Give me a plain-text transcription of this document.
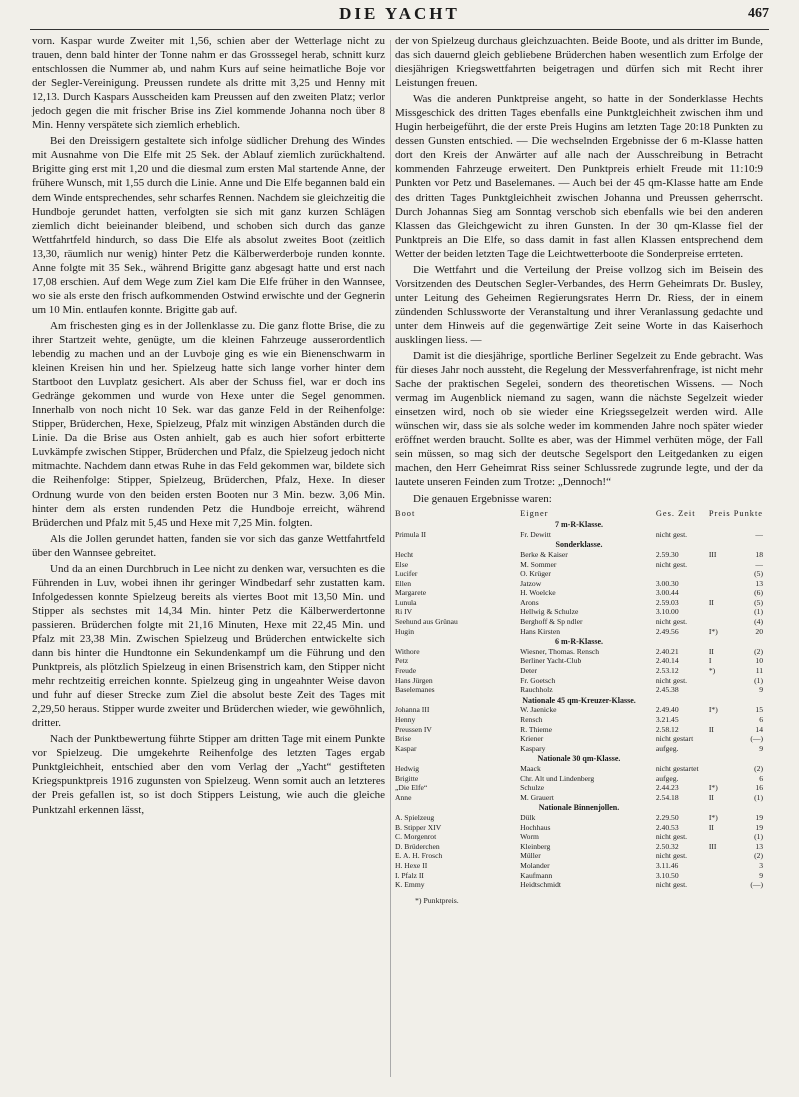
DIE YACHT	467

vorn. Kaspar wurde Zweiter mit 1,56, schien aber der Wetterlage nicht zu trauen, denn bald hinter der Tonne nahm er das Grosssegel herab, schnitt kurz entschlossen die Nummer ab, und nahm Kurs auf seine heimatliche Boje vor der Segler-Vereinigung. Preussen rundete als dritte mit 3,25 und Henny mit 12,13. Durch Kaspars Ausscheiden kam Preussen auf den zweiten Platz; verlor jedoch gegen die mit frischer Brise ins Ziel kommende Johanna noch über 8 Min. Henny verspätete sich ziemlich erheblich.

Bei den Dreissigern gestaltete sich infolge südlicher Drehung des Windes mit Ausnahme von Die Elfe mit 25 Sek. der Ablauf ziemlich zurückhaltend. Brigitte ging erst mit 1,20 und die diesmal zum ersten Mal startende Anne, der frühere Wunsch, mit 1,55 durch die Linie. Anne und Die Elfe begannen bald ein dem Winde entsprechendes, sehr scharfes Rennen. Nachdem sie gleichzeitig die Hundboje gerundet hatten, verfolgten sie sich mit ganz kurzen Schlägen ziemlich dicht beieinander bleibend, und schoben sich durch das ganze Wettfahrtfeld hindurch, so dass Die Elfe als absolut zweites Boot (zeitlich 13,30, räumlich nur wenig) hinter Petz die Kälberwerderboje runden konnte. Anne folgte mit 35 Sek., während Brigitte ganz abgesagt hatte und erst nach 17,08 erschien. Auf dem Wege zum Ziel kam Die Elfe früher in den Wannsee, wo sie als erste den frisch aufkommenden Ostwind erwischte und der Gegnerin um 10 Min. entlaufen konnte. Brigitte gab auf.

Am frischesten ging es in der Jollenklasse zu. Die ganz flotte Brise, die zu ihrer Startzeit wehte, genügte, um die kleinen Fahrzeuge ausserordentlich lebendig zu machen und an der Luvboje ging es wie ein Bienenschwarm in kleinen Kreisen hin und her. Spielzeug hatte sich lange vorher hinter dem Startboot den Luvplatz gesichert. Als aber der Schuss fiel, war er doch ins Gedränge gekommen und wurde von Hexe unter die Segel genommen. Innerhalb von noch nicht 10 Sek. war das ganze Feld in der Reihenfolge: Stipper, Brüderchen, Hexe, Spielzeug, Pfalz mit winzigen Abständen durch die Linie. Da die Brise aus Osten anhielt, gab es auch hier sofort erbitterte Luvkämpfe zwischen Stipper, Brüderchen und Pfalz, die Spielzeug jedoch nicht mitmachte. Nachdem dann etwas Ruhe in das Feld gekommen war, bildete sich die Reihenfolge: Stipper, Spielzeug, Brüderchen, Pfalz, Hexe. In dieser Ordnung wurde von den beiden ersten Booten nur 3 Min. bezw. 3,06 Min. hinter dem als ersten rundenden Petz die Hundboje erreicht, während Brüderchen und Pfalz mit 5,45 und Hexe mit 7,25 Min. folgten.

Als die Jollen gerundet hatten, fanden sie vor sich das ganze Wettfahrtfeld über den Wannsee gebreitet.

Und da an einen Durchbruch in Lee nicht zu denken war, versuchten es die Führenden in Luv, wobei ihnen ihr geringer Windbedarf sehr zustatten kam. Infolgedessen konnte Spielzeug bereits als viertes Boot mit 13,50 Min. und Stipper als sechstes mit 14,34 Min. hinter Petz die Kälberwerdertonne passieren. Brüderchen folgte mit 21,16 Minuten, Hexe mit 22,45 Min. und Pfalz mit 23,38 Min. Zwischen Spielzeug und Brüderchen entwickelte sich dann bis hinter die Hundtonne ein Sekundenkampf um die Führung und den Punktpreis, als plötzlich Spielzeug in einen Brisenstrich kam, den Stipper nicht mehr rechtzeitig erreichen konnte. Spielzeug ging in ungeahnter Weise davon und fuhr auf dieser Strecke zum Ziel die absolut beste Zeit des Tages mit 2,29,50 heraus. Stipper wurde zweiter und Brüderchen wieder, wie gewöhnlich, dritter.

Nach der Punktbewertung führte Stipper am dritten Tage mit einem Punkte vor Spielzeug. Die umgekehrte Reihenfolge des letzten Tages ergab Punktgleichheit, entschied aber den vom Verlag der „Yacht“ gestifteten Kriegspunktpreis 1916 zugunsten von Spielzeug. Wenn somit auch an letzteres der Preis gefallen ist, so ist doch Stippers Leistung, wie auch die gleiche Punktzahl erkennen lässt,

der von Spielzeug durchaus gleichzuachten. Beide Boote, und als dritter im Bunde, das sich dauernd gleich gebliebene Brüderchen haben wesentlich zum Erfolge der diesjährigen Kriegswettfahrten beigetragen und dürfen sich mit Recht ihrer Leistungen freuen.

Was die anderen Punktpreise angeht, so hatte in der Sonderklasse Hechts Missgeschick des dritten Tages ebenfalls eine Punktgleichheit zwischen ihm und Hugin herbeigeführt, die der erste Preis Hugins am letzten Tage 20:18 Punkten zu dessen Gunsten entschied. — Die wechselnden Ergebnisse der 6 m-Klasse hatten dort den Kreis der Anwärter auf alle nach der Ausschreibung in Betracht kommenden Fahrzeuge erweitert. Den Punktpreis erhielt Freude mit 11:10:9 Punkten vor Petz und Baselemanes. — Auch bei der 45 qm-Klasse hatte am Ende des dritten Tages Punktgleichheit zwischen Johanna und Preussen geherrscht. Durch Johannas Sieg am Sonntag verschob sich ebenfalls wie bei den anderen Klassen das Gleichgewicht zu ihren Gunsten. In der 30 qm-Klasse fiel der Punktpreis an Die Elfe, so dass damit in fast allen Klassen entsprechend dem Wetter der beiden letzten Tage die Leichtwetterboote die Sonderpreise errteten.

Die Wettfahrt und die Verteilung der Preise vollzog sich im Beisein des Vorsitzenden des Deutschen Segler-Verbandes, des Herrn Geheimrats Dr. Busley, unter Leitung des Geheimen Regierungsrates Herrn Dr. Riess, der in einem zündenden Schlussworte der Veranstaltung und ihrer Veranlassung gedachte und unter dem Hinweis auf die gegenwärtige Zeit seine Worte in das Kaiserhoch ausklingen liess. —

Damit ist die diesjährige, sportliche Berliner Segelzeit zu Ende gebracht. Was für dieses Jahr noch aussteht, die Regelung der Messverfahrenfrage, ist nicht mehr Sache der praktischen Segelei, sondern des theoretischen Wissens. — Noch vermag im Augenblick niemand zu sagen, wann die nächste Segelzeit wieder einsetzen wird, noch ob sie wieder eine Kriegssegelzeit werden wird. Alle wünschen wir, dass sie als solche weder im kommenden Jahre noch später wieder eröffnet werden braucht. Sollte es aber, was der Himmel verhüten möge, der Fall sein müssen, so mag sich der deutsche Segelsport den Leitgedanken zu eigen machen, den Herr Geheimrat Riss seiner Schlussrede zugrunde legte, und der da lautete unseren Feinden zum Trotze: „Dennoch!“

Die genauen Ergebnisse waren:
Boot	Eigner	Ges. Zeit	Preis	Punkte
7 m-R-Klasse.				
Primula II	Fr. Dewitt	nicht gest.		—
Sonderklasse.				
Hecht	Berke & Kaiser	2.59.30	III	18
Else	M. Sommer	nicht gest.		—
Lucifer	O. Krüger			(5)
Ellen	Jatzow	3.00.30		13
Margarete	H. Woelcke	3.00.44		(6)
Lunula	Arons	2.59.03	II	(5)
Ri IV	Hellwig & Schulze	3.10.00		(1)
Seehund aus Grünau	Berghoff & Sp ndler	nicht gest.		(4)
Hugin	Hans Kirsten	2.49.56	I*)	20
6 m-R-Klasse.				
Withore	Wiesner, Thomas. Rensch	2.40.21	II	(2)
Petz	Berliner Yacht-Club	2.40.14	I	10
Freude	Deter	2.53.12	*)	11
Hans Jürgen	Fr. Goetsch	nicht gest.		(1)
Baselemanes	Rauchholz	2.45.38		9
Nationale 45 qm-Kreuzer-Klasse.				
Johanna III	W. Jaenicke	2.49.40	I*)	15
Henny	Rensch	3.21.45		6
Preussen IV	R. Thieme	2.58.12	II	14
Brise	Kriener	nicht gestart		(—)
Kaspar	Kaspary	aufgeg.		9
Nationale 30 qm-Klasse.				
Hedwig	Maack	nicht gestartet		(2)
Brigitte	Chr. Alt und Lindenberg	aufgeg.		6
„Die Elfe“	Schulze	2.44.23	I*)	16
Anne	M. Grauert	2.54.18	II	(1)
Nationale Binnenjollen.				
A. Spielzeug	Dülk	2.29.50	I*)	19
B. Stipper XIV	Hochhaus	2.40.53	II	19
C. Morgenrot	Worm	nicht gest.		(1)
D. Brüderchen	Kleinberg	2.50.32	III	13
E. A. H. Frosch	Müller	nicht gest.		(2)
H. Hexe II	Molander	3.11.46		3
I. Pfalz II	Kaufmann	3.10.50		9
K. Emmy	Heidtschmidt	nicht gest.		(—)
*) Punktpreis.
